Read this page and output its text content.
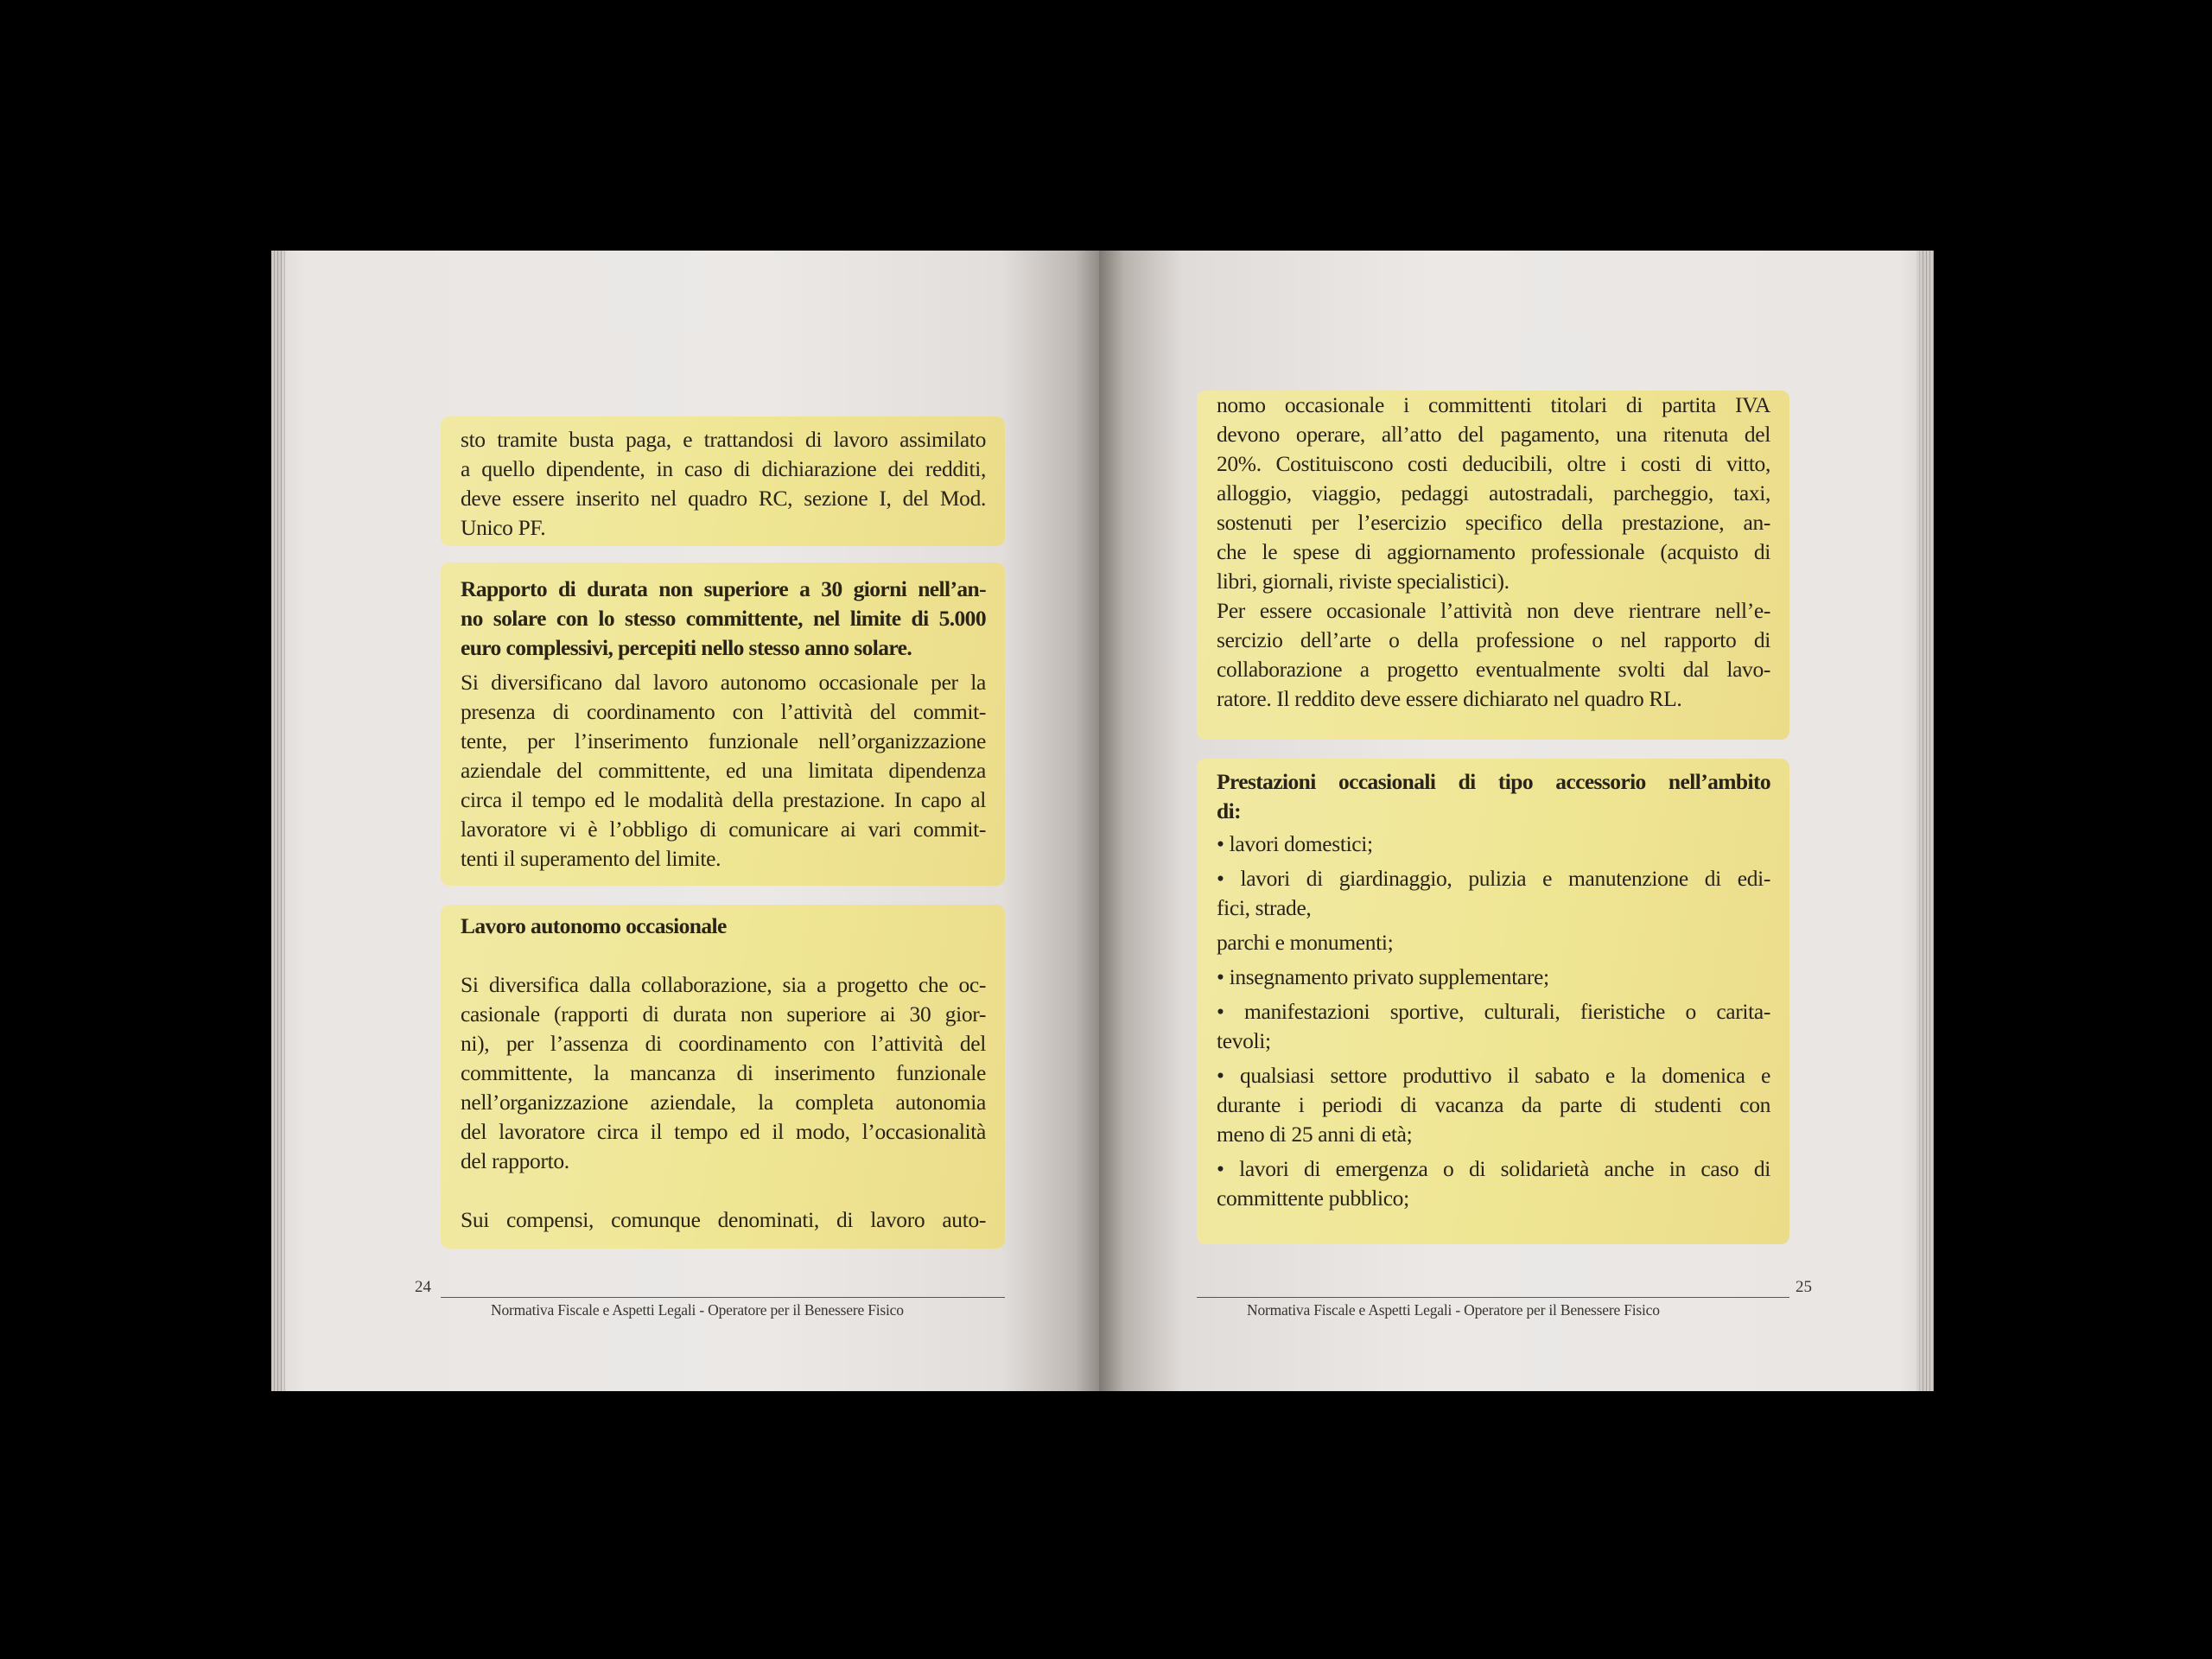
sto tramite busta paga, e trattandosi di lavoro assimilato
a quello dipendente, in caso di dichiarazione dei redditi,
deve essere inserito nel quadro RC, sezione I, del Mod.
Unico PF.
Rapporto di durata non superiore a 30 giorni nell’an-
no solare con lo stesso committente, nel limite di 5.000
euro complessivi, percepiti nello stesso anno solare.
Si diversificano dal lavoro autonomo occasionale per la
presenza di coordinamento con l’attività del commit-
tente, per l’inserimento funzionale nell’organizzazione
aziendale del committente, ed una limitata dipendenza
circa il tempo ed le modalità della prestazione. In capo al
lavoratore vi è l’obbligo di comunicare ai vari commit-
tenti il superamento del limite.
Lavoro autonomo occasionale
Si diversifica dalla collaborazione, sia a progetto che oc-
casionale (rapporti di durata non superiore ai 30 gior-
ni), per l’assenza di coordinamento con l’attività del
committente, la mancanza di inserimento funzionale
nell’organizzazione aziendale, la completa autonomia
del lavoratore circa il tempo ed il modo, l’occasionalità
del rapporto.
Sui compensi, comunque denominati, di lavoro auto-
nomo occasionale i committenti titolari di partita IVA
devono operare, all’atto del pagamento, una ritenuta del
20%. Costituiscono costi deducibili, oltre i costi di vitto,
alloggio, viaggio, pedaggi autostradali, parcheggio, taxi,
sostenuti per l’esercizio specifico della prestazione, an-
che le spese di aggiornamento professionale (acquisto di
libri, giornali, riviste specialistici).
Per essere occasionale l’attività non deve rientrare nell’e-
sercizio dell’arte o della professione o nel rapporto di
collaborazione a progetto eventualmente svolti dal lavo-
ratore. Il reddito deve essere dichiarato nel quadro RL.
Prestazioni occasionali di tipo accessorio nell’ambito
di:
• lavori domestici;
• lavori di giardinaggio, pulizia e manutenzione di edi-
fici, strade,
parchi e monumenti;
• insegnamento privato supplementare;
• manifestazioni sportive, culturali, fieristiche o carita-
tevoli;
• qualsiasi settore produttivo il sabato e la domenica e
durante i periodi di vacanza da parte di studenti con
meno di 25 anni di età;
• lavori di emergenza o di solidarietà anche in caso di
committente pubblico;
24
Normativa Fiscale e Aspetti Legali - Operatore per il Benessere Fisico
25
Normativa Fiscale e Aspetti Legali - Operatore per il Benessere Fisico
